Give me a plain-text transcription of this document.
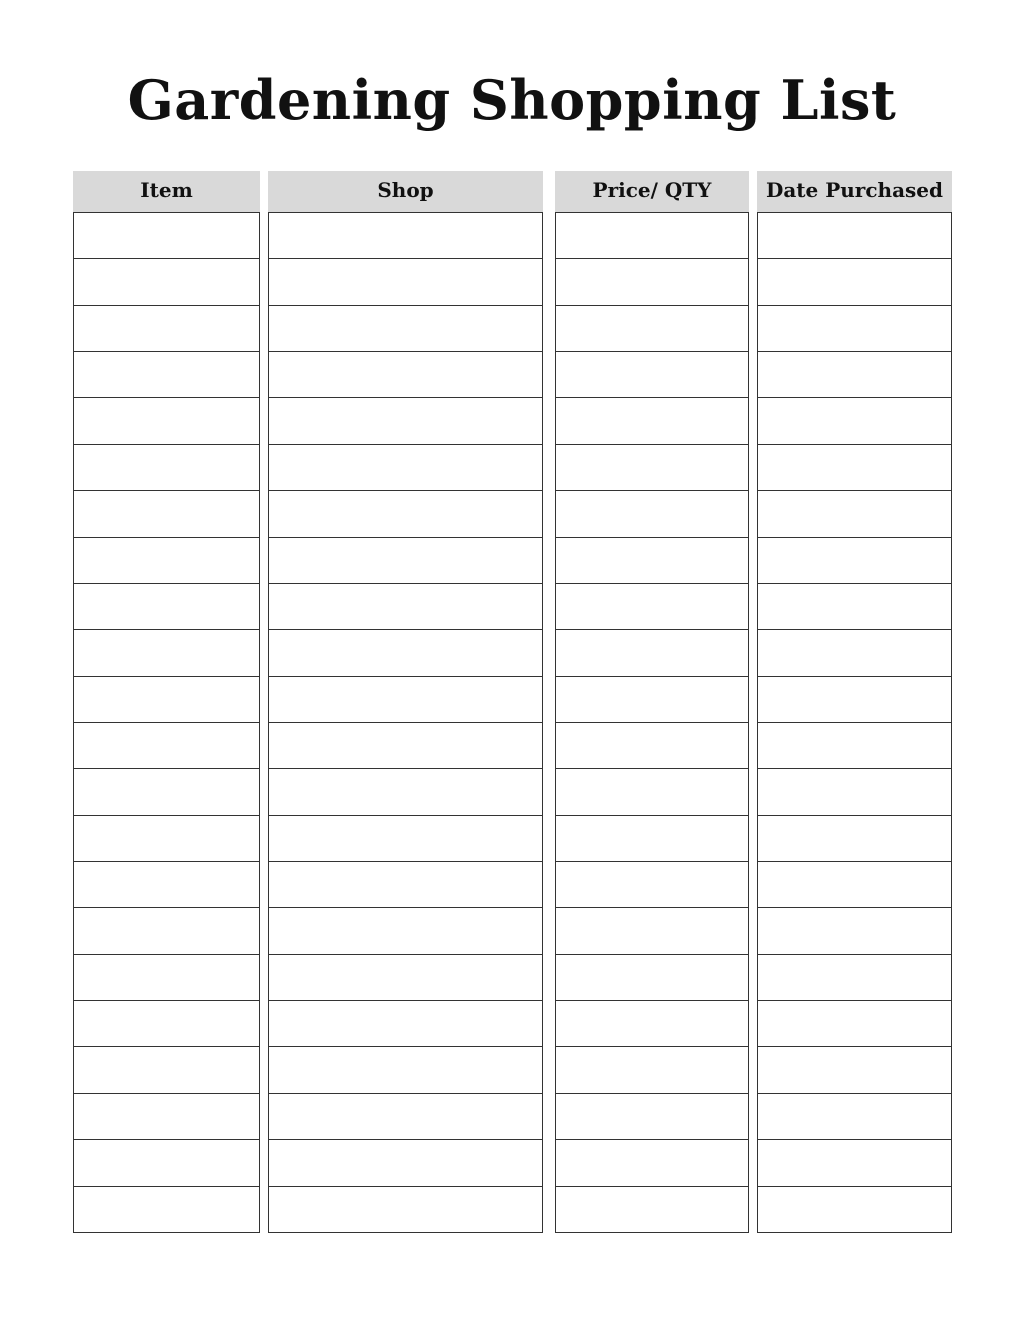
Gardening Shopping List
Item	Shop	Price/ QTY	Date Purchased
